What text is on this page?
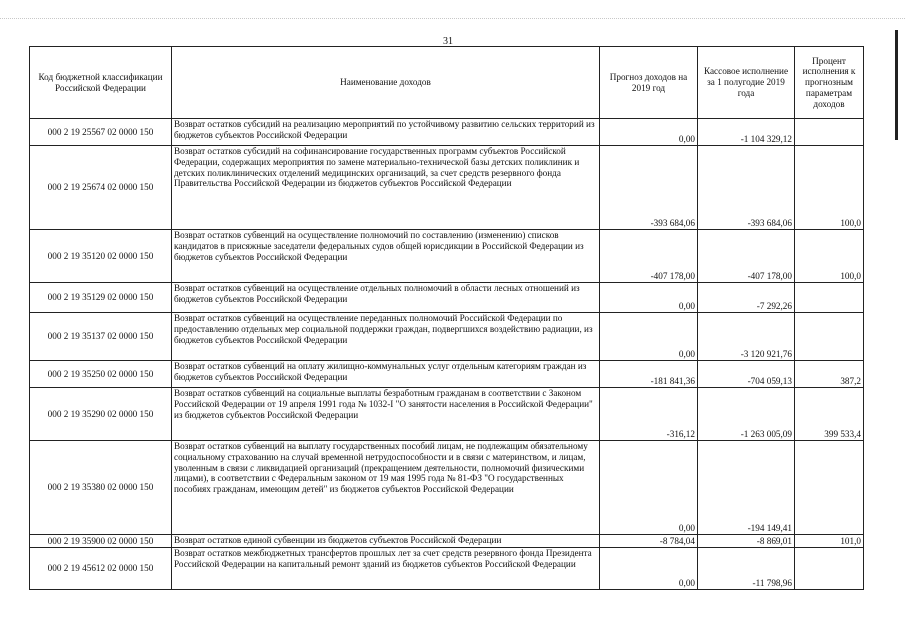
31
Код бюджетной классификации Российской Федерации	Наименование доходов	Прогноз доходов на 2019 год	Кассовое исполнение за 1 полугодие 2019 года	Процент исполнения к прогнозным параметрам доходов
000 2 19 25567 02 0000 150	Возврат остатков субсидий на реализацию мероприятий по устойчивому развитию сельских территорий из бюджетов субъектов Российской Федерации	0,00	-1 104 329,12	
000 2 19 25674 02 0000 150	Возврат остатков субсидий на софинансирование государственных программ субъектов Российской Федерации, содержащих мероприятия по замене материально-технической базы детских поликлиник и детских поликлинических отделений медицинских организаций, за счет средств резервного фонда Правительства Российской Федерации из бюджетов субъектов Российской Федерации	-393 684,06	-393 684,06	100,0
000 2 19 35120 02 0000 150	Возврат остатков субвенций на осуществление полномочий по составлению (изменению) списков кандидатов в присяжные заседатели федеральных судов общей юрисдикции в Российской Федерации из бюджетов субъектов Российской Федерации	-407 178,00	-407 178,00	100,0
000 2 19 35129 02 0000 150	Возврат остатков субвенций на осуществление отдельных полномочий в области лесных отношений из бюджетов субъектов Российской Федерации	0,00	-7 292,26	
000 2 19 35137 02 0000 150	Возврат остатков субвенций на осуществление переданных полномочий Российской Федерации по предоставлению отдельных мер социальной поддержки граждан, подвергшихся воздействию радиации, из бюджетов субъектов Российской Федерации	0,00	-3 120 921,76	
000 2 19 35250 02 0000 150	Возврат остатков субвенций на оплату жилищно-коммунальных услуг отдельным категориям граждан из бюджетов субъектов Российской Федерации	-181 841,36	-704 059,13	387,2
000 2 19 35290 02 0000 150	Возврат остатков субвенций на социальные выплаты безработным гражданам в соответствии с Законом Российской Федерации от 19 апреля 1991 года № 1032-I "О занятости населения в Российской Федерации" из бюджетов субъектов Российской Федерации	-316,12	-1 263 005,09	399 533,4
000 2 19 35380 02 0000 150	Возврат остатков субвенций на выплату государственных пособий лицам, не подлежащим обязательному социальному страхованию на случай временной нетрудоспособности и в связи с материнством, и лицам, уволенным в связи с ликвидацией организаций (прекращением деятельности, полномочий физическими лицами), в соответствии с Федеральным законом от 19 мая 1995 года № 81-ФЗ "О государственных пособиях гражданам, имеющим детей" из бюджетов субъектов Российской Федерации	0,00	-194 149,41	
000 2 19 35900 02 0000 150	Возврат остатков единой субвенции из бюджетов субъектов Российской Федерации	-8 784,04	-8 869,01	101,0
000 2 19 45612 02 0000 150	Возврат остатков межбюджетных трансфертов прошлых лет за счет средств резервного фонда Президента Российской Федерации на капитальный ремонт зданий из бюджетов субъектов Российской Федерации	0,00	-11 798,96	
